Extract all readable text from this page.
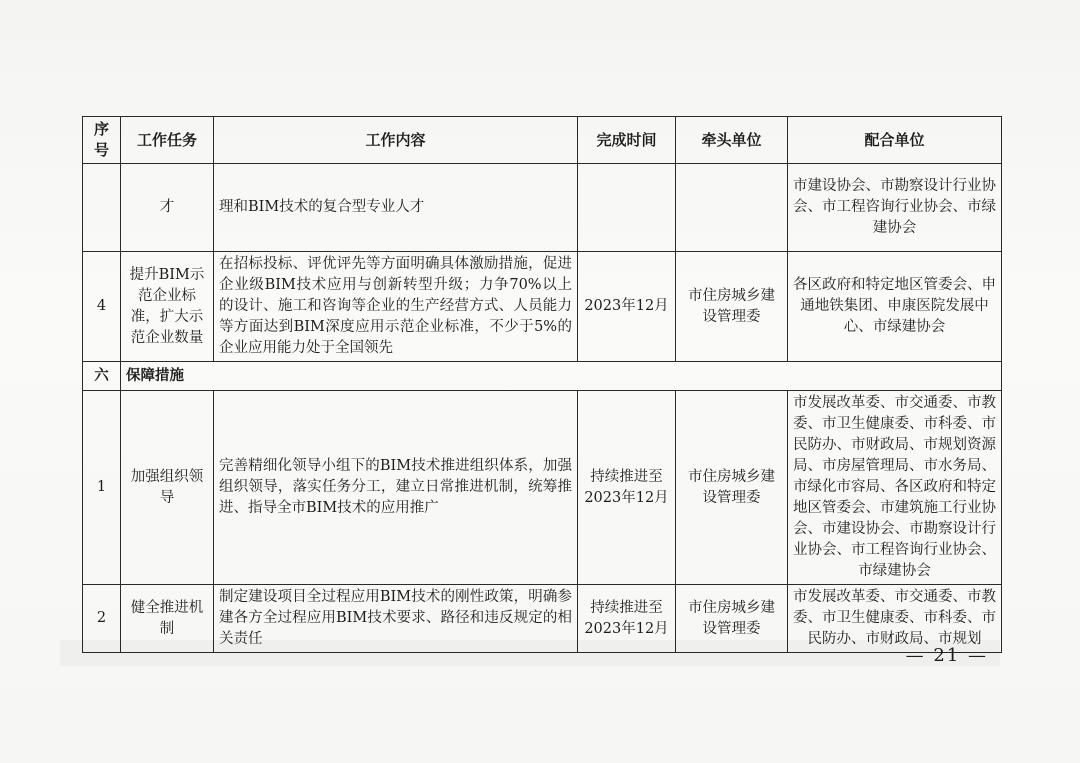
序号	工作任务	工作内容	完成时间	牵头单位	配合单位
	才	理和BIM技术的复合型专业人才			市建设协会、市勘察设计行业协会、市工程咨询行业协会、市绿建协会
4	提升BIM示范企业标准，扩大示范企业数量	在招标投标、评优评先等方面明确具体激励措施，促进企业级BIM技术应用与创新转型升级；力争70%以上的设计、施工和咨询等企业的生产经营方式、人员能力等方面达到BIM深度应用示范企业标准，不少于5%的企业应用能力处于全国领先	2023年12月	市住房城乡建设管理委	各区政府和特定地区管委会、申通地铁集团、申康医院发展中心、市绿建协会
六	保障措施				
1	加强组织领导	完善精细化领导小组下的BIM技术推进组织体系，加强组织领导，落实任务分工，建立日常推进机制，统筹推进、指导全市BIM技术的应用推广	持续推进至2023年12月	市住房城乡建设管理委	市发展改革委、市交通委、市教委、市卫生健康委、市科委、市民防办、市财政局、市规划资源局、市房屋管理局、市水务局、市绿化市容局、各区政府和特定地区管委会、市建筑施工行业协会、市建设协会、市勘察设计行业协会、市工程咨询行业协会、市绿建协会
2	健全推进机制	制定建设项目全过程应用BIM技术的刚性政策，明确参建各方全过程应用BIM技术要求、路径和违反规定的相关责任	持续推进至2023年12月	市住房城乡建设管理委	市发展改革委、市交通委、市教委、市卫生健康委、市科委、市民防办、市财政局、市规划
— 21 —
